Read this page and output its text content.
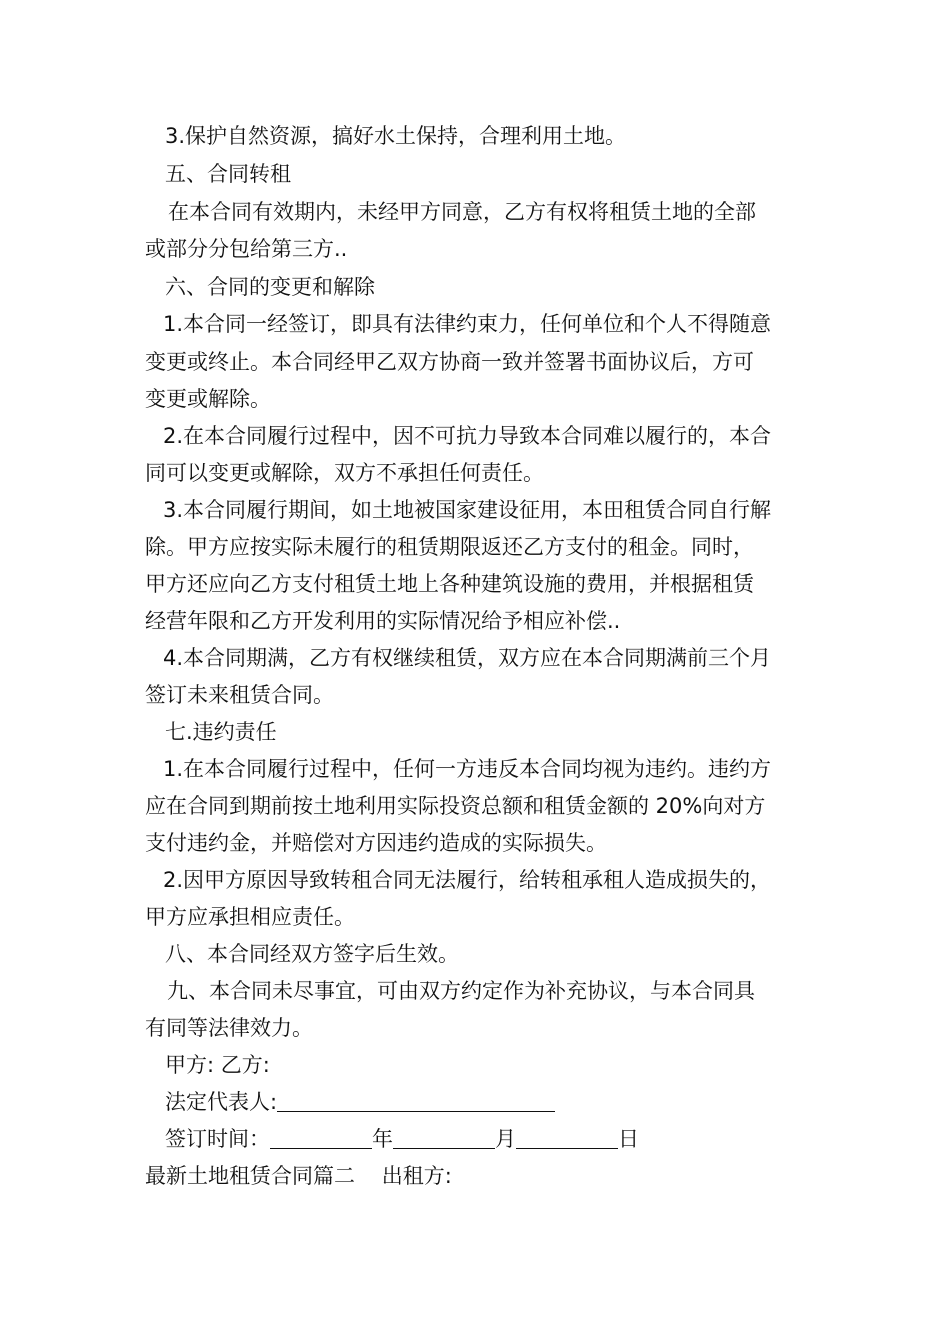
3.保护自然资源，搞好水土保持，合理利用土地。
五、合同转租
在本合同有效期内，未经甲方同意，乙方有权将租赁土地的全部
或部分分包给第三方..
六、合同的变更和解除
1.本合同一经签订，即具有法律约束力，任何单位和个人不得随意
变更或终止。本合同经甲乙双方协商一致并签署书面协议后，方可
变更或解除。
2.在本合同履行过程中，因不可抗力导致本合同难以履行的，本合
同可以变更或解除，双方不承担任何责任。
3.本合同履行期间，如土地被国家建设征用，本田租赁合同自行解
除。甲方应按实际未履行的租赁期限返还乙方支付的租金。同时，
甲方还应向乙方支付租赁土地上各种建筑设施的费用，并根据租赁
经营年限和乙方开发利用的实际情况给予相应补偿..
4.本合同期满，乙方有权继续租赁，双方应在本合同期满前三个月
签订未来租赁合同。
七.违约责任
1.在本合同履行过程中，任何一方违反本合同均视为违约。违约方
应在合同到期前按土地利用实际投资总额和租赁金额的 20%向对方
支付违约金，并赔偿对方因违约造成的实际损失。
2.因甲方原因导致转租合同无法履行，给转租承租人造成损失的，
甲方应承担相应责任。
八、本合同经双方签字后生效。
九、本合同未尽事宜，可由双方约定作为补充协议，与本合同具
有同等法律效力。
甲方: 乙方:
法定代表人:
签订时间：	年	月	日
最新土地租赁合同篇二    出租方:
